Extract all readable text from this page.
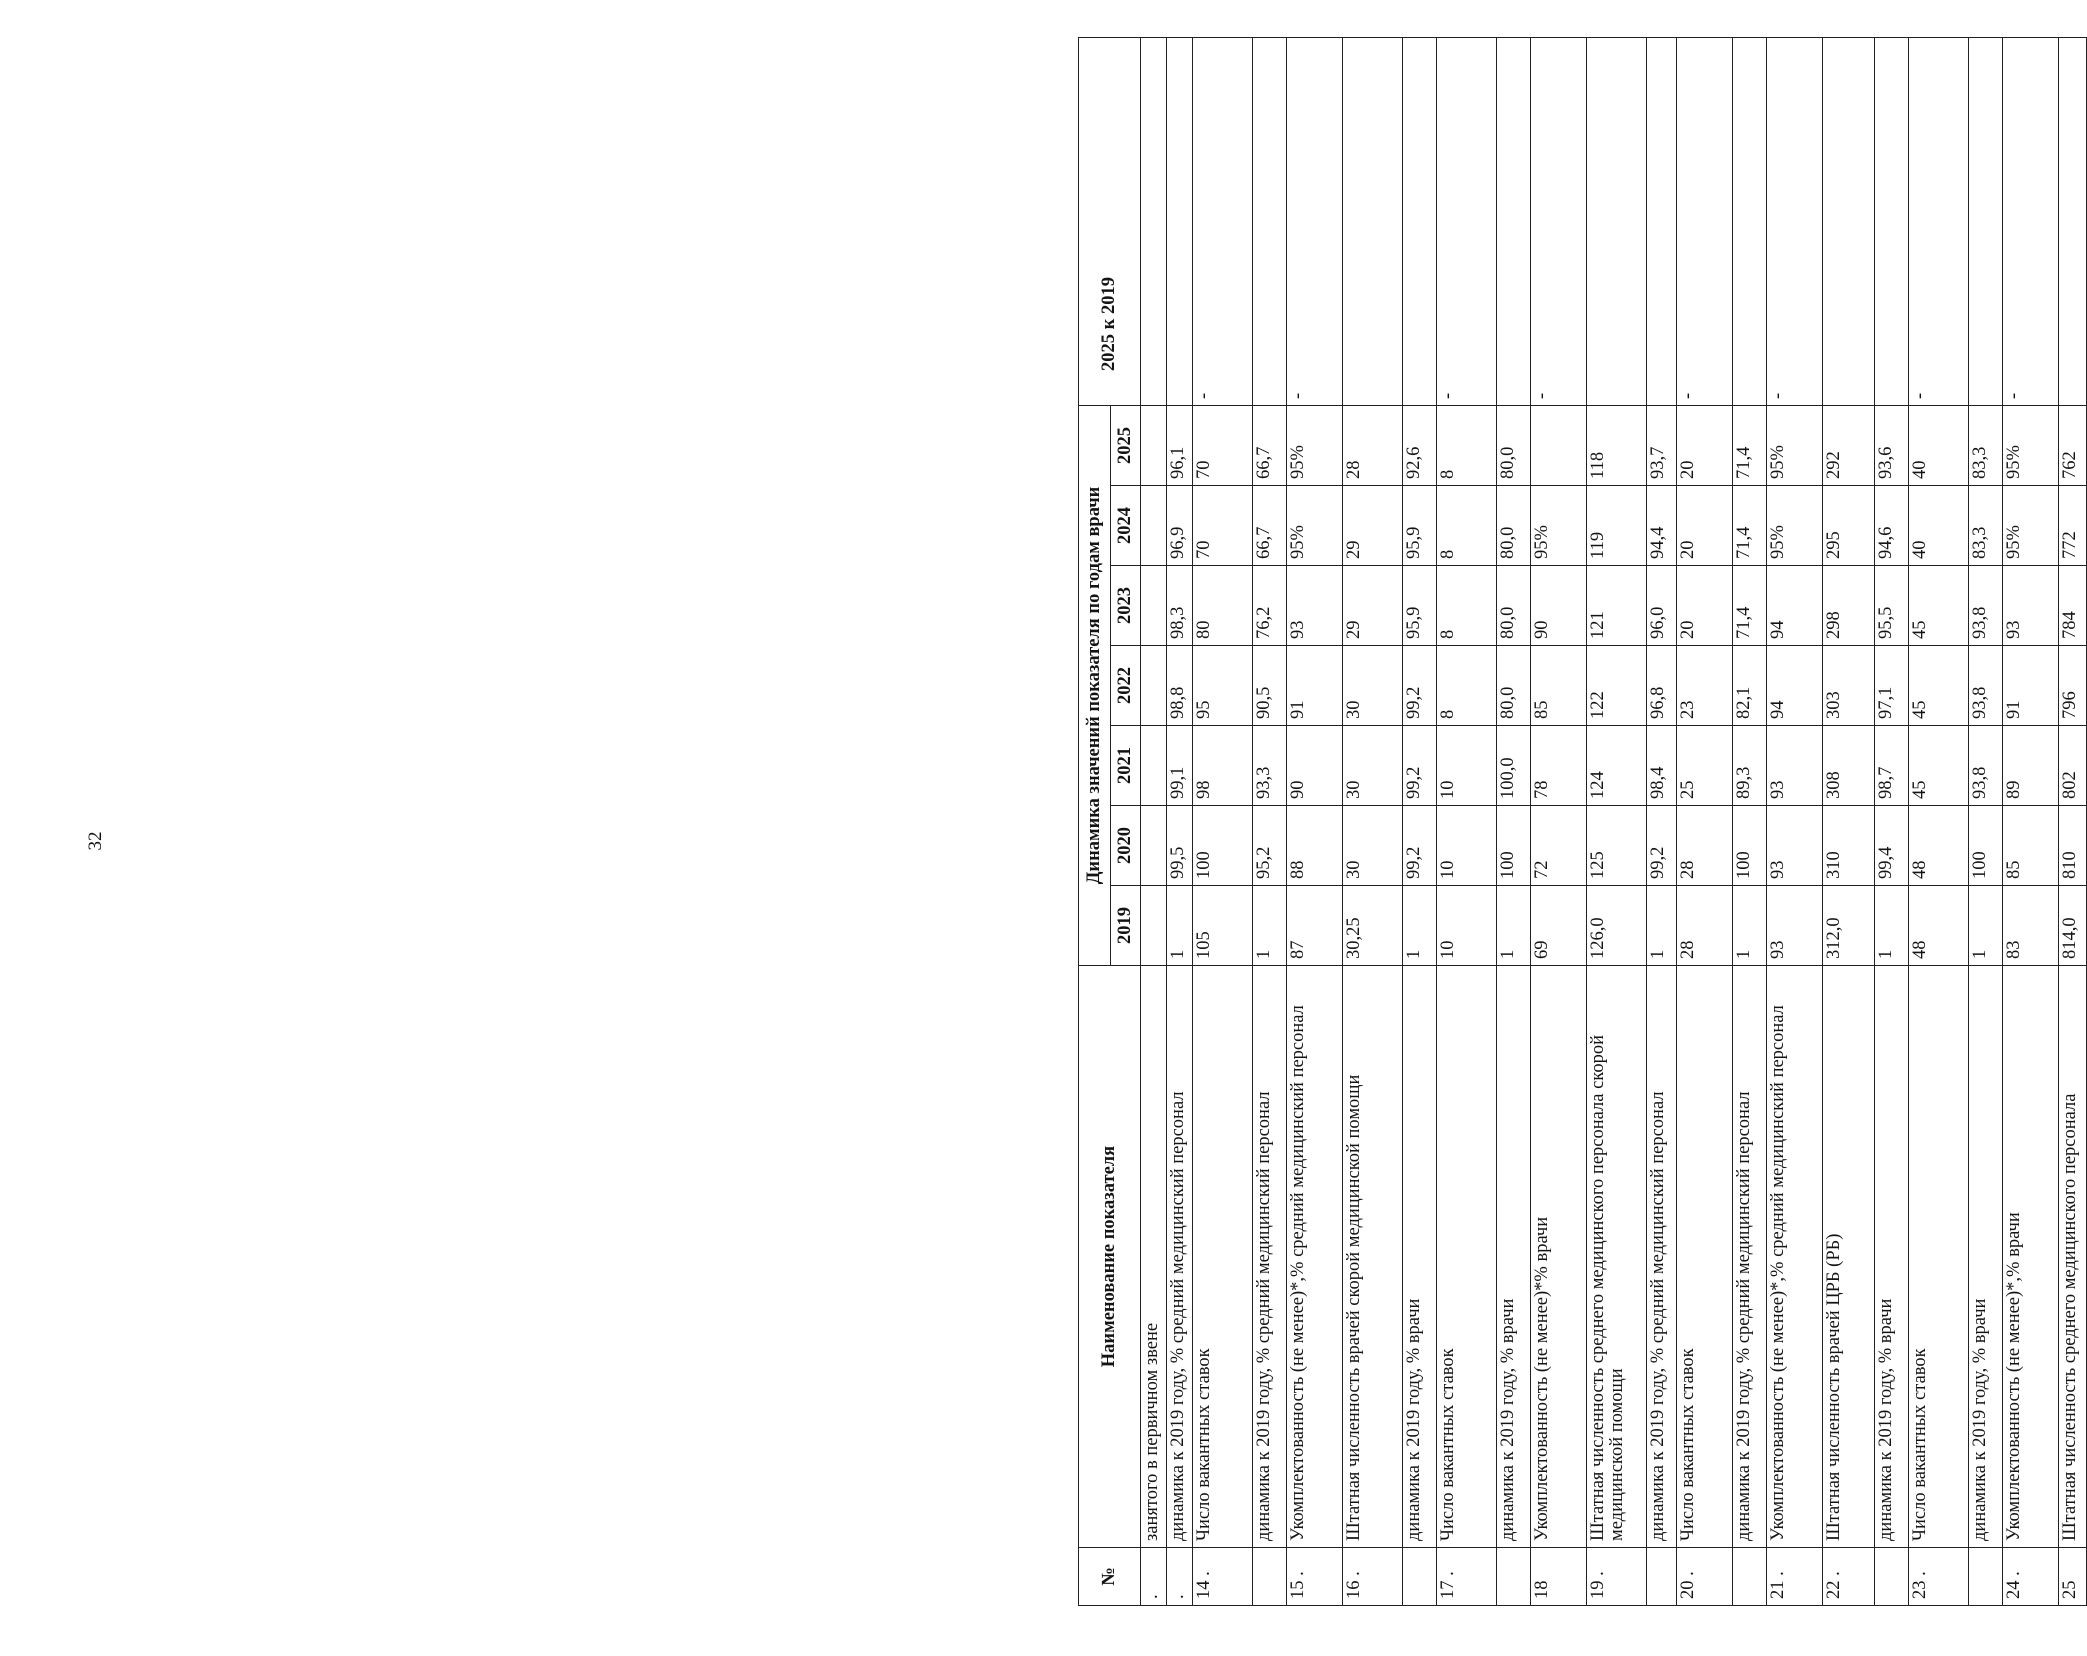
32
№	Наименование показателя	Динамика значений показателя по годам врачи							2025 к 2019
		2019	2020	2021	2022	2023	2024	2025	
.	занятого в первичном звене								
.	динамика к 2019 году, % средний медицинский персонал	1	99,5	99,1	98,8	98,3	96,9	96,1	
14 .	Число вакантных ставок	105	100	98	95	80	70	70	-
	динамика к 2019 году, % средний медицинский персонал	1	95,2	93,3	90,5	76,2	66,7	66,7	
15 .	Укомплектованность (не менее)*,% средний медицинский персонал	87	88	90	91	93	95%	95%	-
16 .	Штатная численность врачей скорой медицинской помощи	30,25	30	30	30	29	29	28	
	динамика к 2019 году, % врачи	1	99,2	99,2	99,2	95,9	95,9	92,6	
17 .	Число вакантных ставок	10	10	10	8	8	8	8	-
	динамика к 2019 году, % врачи	1	100	100,0	80,0	80,0	80,0	80,0	
18	Укомплектованность (не менее)*% врачи	69	72	78	85	90	95%		-
19 .	Штатная численность среднего медицинского персонала скорой медицинской помощи	126,0	125	124	122	121	119	118	
	динамика к 2019 году, % средний медицинский персонал	1	99,2	98,4	96,8	96,0	94,4	93,7	
20 .	Число вакантных ставок	28	28	25	23	20	20	20	-
	динамика к 2019 году, % средний медицинский персонал	1	100	89,3	82,1	71,4	71,4	71,4	
21 .	Укомплектованность (не менее)*,% средний медицинский персонал	93	93	93	94	94	95%	95%	-
22 .	Штатная численность врачей ЦРБ (РБ)	312,0	310	308	303	298	295	292	
	динамика к 2019 году, % врачи	1	99,4	98,7	97,1	95,5	94,6	93,6	
23 .	Число вакантных ставок	48	48	45	45	45	40	40	-
	динамика к 2019 году, % врачи	1	100	93,8	93,8	93,8	83,3	83,3	
24 .	Укомплектованность (не менее)*,% врачи	83	85	89	91	93	95%	95%	-
25	Штатная численность среднего медицинского персонала	814,0	810	802	796	784	772	762	
